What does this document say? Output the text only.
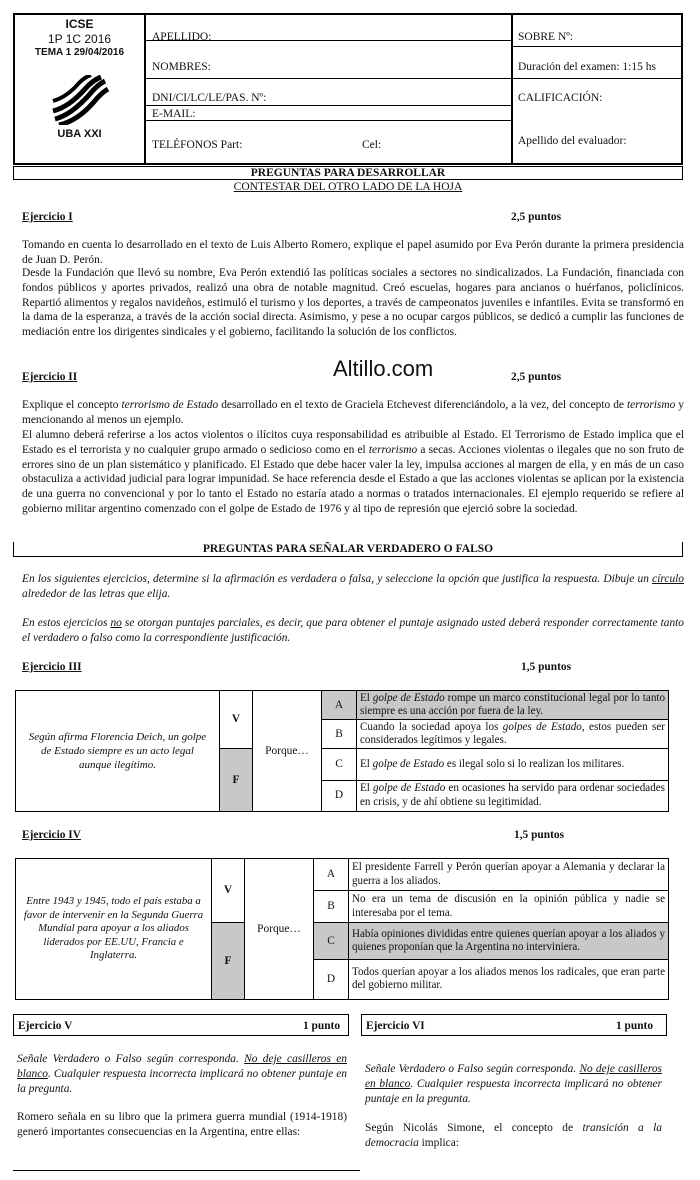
ICSE
1P 1C 2016
TEMA 1 29/04/2016
UBA XXI
APELLIDO:
NOMBRES:
DNI/CI/LC/LE/PAS. Nº:
E-MAIL:
TELÉFONOS Part:	Cel:
SOBRE Nº:
Duración del examen: 1:15 hs
CALIFICACIÓN:
Apellido del evaluador:
PREGUNTAS PARA DESARROLLAR
CONTESTAR DEL OTRO LADO DE LA HOJA
Ejercicio I	2,5 puntos
Tomando en cuenta lo desarrollado en el texto de Luis Alberto Romero, explique el papel asumido por Eva Perón durante la primera presidencia de Juan D. Perón.
Desde la Fundación que llevó su nombre, Eva Perón extendió las políticas sociales a sectores no sindicalizados. La Fundación, financiada con fondos públicos y aportes privados, realizó una obra de notable magnitud. Creó escuelas, hogares para ancianos o huérfanos, policlínicos. Repartió alimentos y regalos navideños, estimuló el turismo y los deportes, a través de campeonatos juveniles e infantiles. Evita se transformó en la dama de la esperanza, a través de la acción social directa. Asimismo, y pese a no ocupar cargos públicos, se dedicó a cumplir las funciones de mediación entre los dirigentes sindicales y el gobierno, facilitando la solución de los conflictos.
Altillo.com
Ejercicio II	2,5 puntos
Explique el concepto terrorismo de Estado desarrollado en el texto de Graciela Etchevest diferenciándolo, a la vez, del concepto de terrorismo y mencionando al menos un ejemplo.
El alumno deberá referirse a los actos violentos o ilícitos cuya responsabilidad es atribuible al Estado. El Terrorismo de Estado implica que el Estado es el terrorista y no cualquier grupo armado o sedicioso como en el terrorismo a secas. Acciones violentas o ilegales que no son fruto de errores sino de un plan sistemático y planificado. El Estado que debe hacer valer la ley, impulsa acciones al margen de ella, y en más de un caso obstaculiza a actividad judicial para lograr impunidad. Se hace referencia desde el Estado a que las acciones violentas se aplican por la existencia de una guerra no convencional y por lo tanto el Estado no estaría atado a normas o tratados internacionales. El ejemplo requerido se refiere al gobierno militar argentino comenzado con el golpe de Estado de 1976 y al tipo de represión que ejerció sobre la sociedad.
PREGUNTAS PARA SEÑALAR VERDADERO O FALSO
En los siguientes ejercicios, determine si la afirmación es verdadera o falsa, y seleccione la opción que justifica la respuesta. Dibuje un círculo alrededor de las letras que elija.
En estos ejercicios no se otorgan puntajes parciales, es decir, que para obtener el puntaje asignado usted deberá responder correctamente tanto el verdadero o falso como la correspondiente justificación.
Ejercicio III	1,5 puntos
Según afirma Florencia Deich, un golpe de Estado siempre es un acto legal aunque ilegítimo.	V	Porque…	A	El golpe de Estado rompe un marco constitucional legal por lo tanto siempre es una acción por fuera de la ley.
			B	Cuando la sociedad apoya los golpes de Estado, estos pueden ser considerados legítimos y legales.
	F		C	El golpe de Estado es ilegal solo si lo realizan los militares.
			D	El golpe de Estado en ocasiones ha servido para ordenar sociedades en crisis, y de ahí obtiene su legitimidad.
Ejercicio IV	1,5 puntos
Entre 1943 y 1945, todo el país estaba a favor de intervenir en la Segunda Guerra Mundial para apoyar a los aliados liderados por EE.UU, Francia e Inglaterra.	V	Porque…	A	El presidente Farrell y Perón querían apoyar a Alemania y declarar la guerra a los aliados.
			B	No era un tema de discusión en la opinión pública y nadie se interesaba por el tema.
	F		C	Había opiniones divididas entre quienes querían apoyar a los aliados y quienes proponían que la Argentina no interviniera.
			D	Todos querían apoyar a los aliados menos los radicales, que eran parte del gobierno militar.
Ejercicio V	1 punto
Señale Verdadero o Falso según corresponda. No deje casilleros en blanco. Cualquier respuesta incorrecta implicará no obtener puntaje en la pregunta.
Romero señala en su libro que la primera guerra mundial (1914-1918) generó importantes consecuencias en la Argentina, entre ellas:
Ejercicio VI	1 punto
Señale Verdadero o Falso según corresponda. No deje casilleros en blanco. Cualquier respuesta incorrecta implicará no obtener puntaje en la pregunta.
Según Nicolás Simone, el concepto de transición a la democracia implica:
